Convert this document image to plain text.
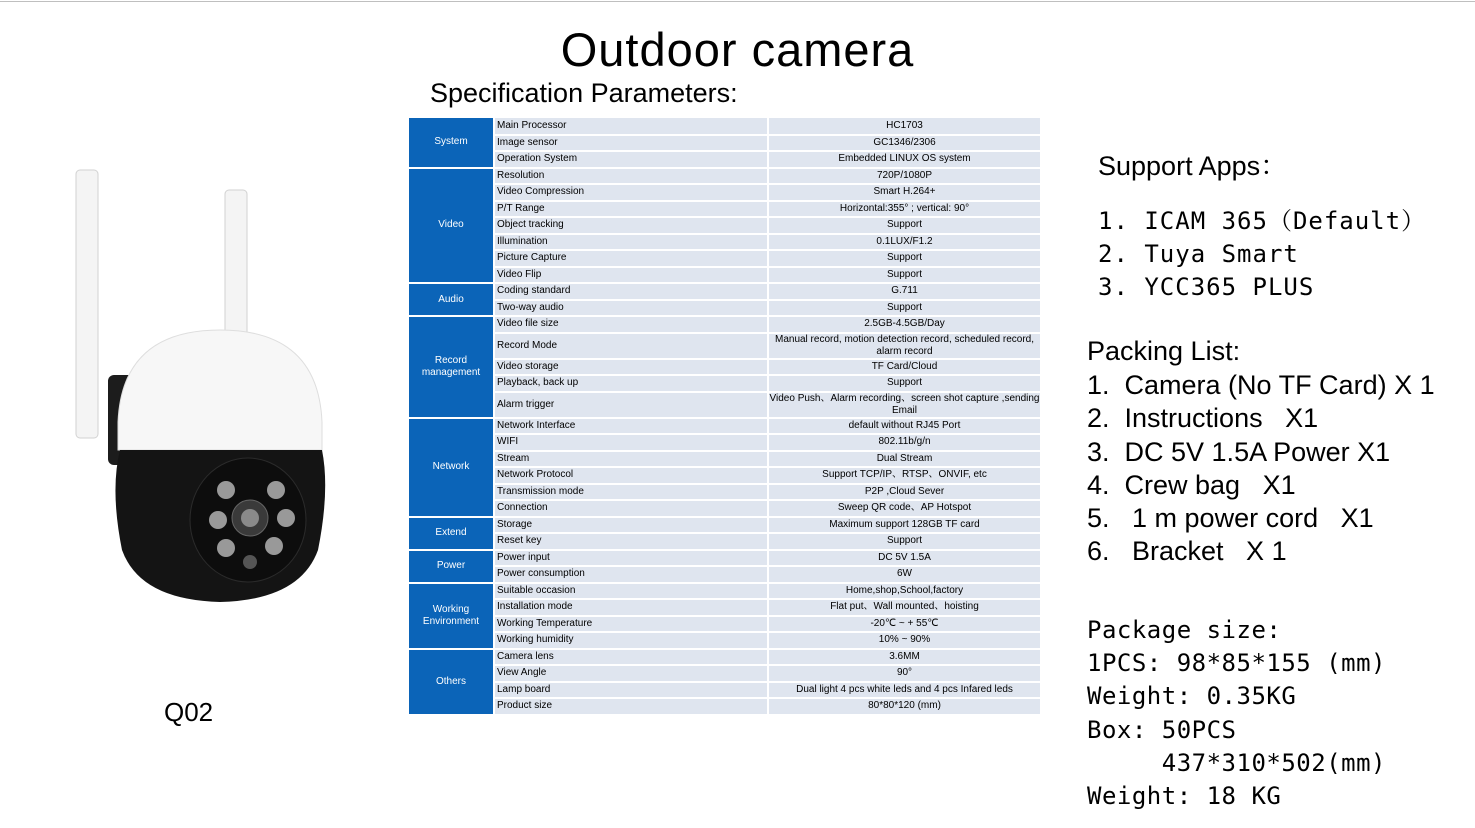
Outdoor camera
Specification Parameters:
Q02
System	Main Processor	HC1703
	Image sensor	GC1346/2306
	Operation System	Embedded LINUX OS system
Video	Resolution	720P/1080P
	Video Compression	Smart H.264+
	P/T Range	Horizontal:355° ; vertical: 90°
	Object tracking	Support
	Illumination	0.1LUX/F1.2
	Picture Capture	Support
	Video Flip	Support
Audio	Coding standard	G.711
	Two-way audio	Support
Record management	Video file size	2.5GB-4.5GB/Day
	Record Mode	Manual record, motion detection record, scheduled record, alarm record
	Video storage	TF Card/Cloud
	Playback, back up	Support
	Alarm trigger	Video Push、Alarm recording、screen shot capture ,sending Email
Network	Network Interface	default without RJ45 Port
	WIFI	802.11b/g/n
	Stream	Dual Stream
	Network Protocol	Support TCP/IP、RTSP、ONVIF, etc
	Transmission mode	P2P ,Cloud Sever
	Connection	Sweep QR code、AP Hotspot
Extend	Storage	Maximum support 128GB TF card
	Reset key	Support
Power	Power input	DC 5V 1.5A
	Power consumption	6W
Working Environment	Suitable occasion	Home,shop,School,factory
	Installation mode	Flat put、Wall mounted、hoisting
	Working Temperature	-20℃ ~ + 55℃
	Working humidity	10% ~ 90%
Others	Camera lens	3.6MM
	View Angle	90°
	Lamp board	Dual light 4 pcs white leds and 4 pcs Infared leds
	Product size	80*80*120 (mm)
Support Apps：
1. ICAM 365（Default）
2. Tuya Smart
3. YCC365 PLUS
Packing List:
1.  Camera (No TF Card) X 1
2.  Instructions   X1
3.  DC 5V 1.5A Power X1
4.  Crew bag   X1
5.   1 m power cord   X1
6.   Bracket   X 1
Package size:
1PCS: 98*85*155 (mm)
Weight: 0.35KG
Box: 50PCS
437*310*502(mm)
Weight: 18 KG
